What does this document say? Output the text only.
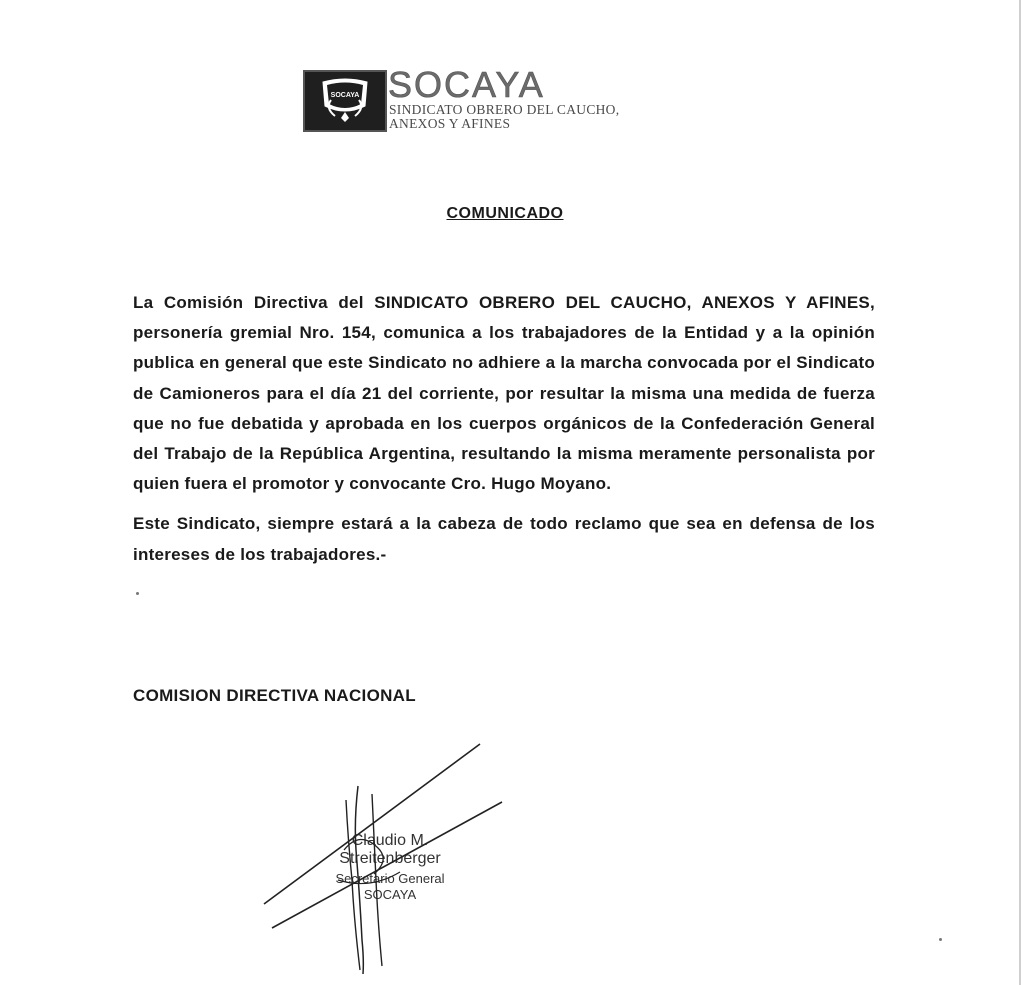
SOCAYA SOCAYA
SINDICATO OBRERO DEL CAUCHO,
ANEXOS Y AFINES
COMUNICADO

La Comisión Directiva del SINDICATO OBRERO DEL CAUCHO, ANEXOS Y AFINES, personería gremial Nro. 154, comunica a los trabajadores de la Entidad y a la opinión publica en general que este Sindicato no adhiere a la marcha convocada por el Sindicato de Camioneros para el día 21 del corriente, por resultar la misma una medida de fuerza que no fue debatida y aprobada en los cuerpos orgánicos de la Confederación General del Trabajo de la República Argentina, resultando la misma meramente personalista por quien fuera el promotor y convocante Cro. Hugo Moyano.

Este Sindicato, siempre estará a la cabeza de todo reclamo que sea en defensa de los intereses de los trabajadores.-

COMISION DIRECTIVA NACIONAL
Claudio M. Streitenberger
Secretario General
SOCAYA
